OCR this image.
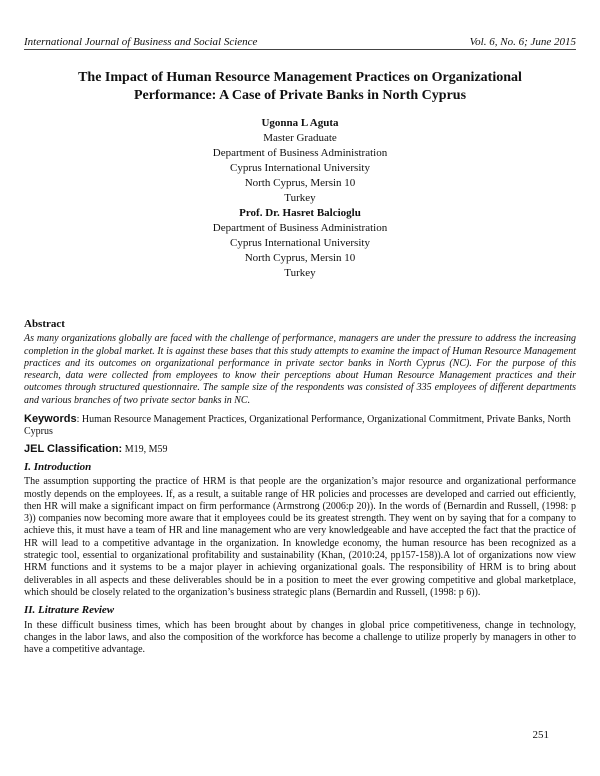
International Journal of Business and Social Science	Vol. 6, No. 6; June 2015
The Impact of Human Resource Management Practices on Organizational Performance: A Case of Private Banks in North Cyprus
Ugonna L Aguta
Master Graduate
Department of Business Administration
Cyprus International University
North Cyprus, Mersin 10
Turkey
Prof. Dr. Hasret Balcioglu
Department of Business Administration
Cyprus International University
North Cyprus, Mersin 10
Turkey
Abstract

As many organizations globally are faced with the challenge of performance, managers are under the pressure to address the increasing completion in the global market. It is against these bases that this study attempts to examine the impact of Human Resource Management practices and its outcomes on organizational performance in private sector banks in North Cyprus (NC). For the purpose of this research, data were collected from employees to know their perceptions about Human Resource Management practices and their outcomes through structured questionnaire. The sample size of the respondents was consisted of 335 employees of different departments and various branches of two private sector banks in NC.

Keywords: Human Resource Management Practices, Organizational Performance, Organizational Commitment, Private Banks, North Cyprus

JEL Classification: M19, M59

I. Introduction

The assumption supporting the practice of HRM is that people are the organization’s major resource and organizational performance mostly depends on the employees. If, as a result, a suitable range of HR policies and processes are developed and carried out efficiently, then HR will make a significant impact on firm performance (Armstrong (2006:p 20)). In the words of (Bernardin and Russell, (1998: p 3)) companies now becoming more aware that it employees could be its greatest strength. They went on by saying that for a company to achieve this, it must have a team of HR and line management who are very knowledgeable and have accepted the fact that the practice of HR will lead to a competitive advantage in the organization. In knowledge economy, the human resource has been recognized as a strategic tool, essential to organizational profitability and sustainability (Khan, (2010:24, pp157-158)).A lot of organizations now view HRM functions and it systems to be a major player in achieving organizational goals. The responsibility of HRM is to bring about deliverables in all aspects and these deliverables should be in a position to meet the ever growing competitive and global marketplace, which should be closely related to the organization’s business strategic plans (Bernardin and Russell, (1998: p 6)).

II. Litrature Review

In these difficult business times, which has been brought about by changes in global price competitiveness, change in technology, changes in the labor laws, and also the composition of the workforce has become a challenge to utilize properly by managers in other to have a competitive advantage.

251
